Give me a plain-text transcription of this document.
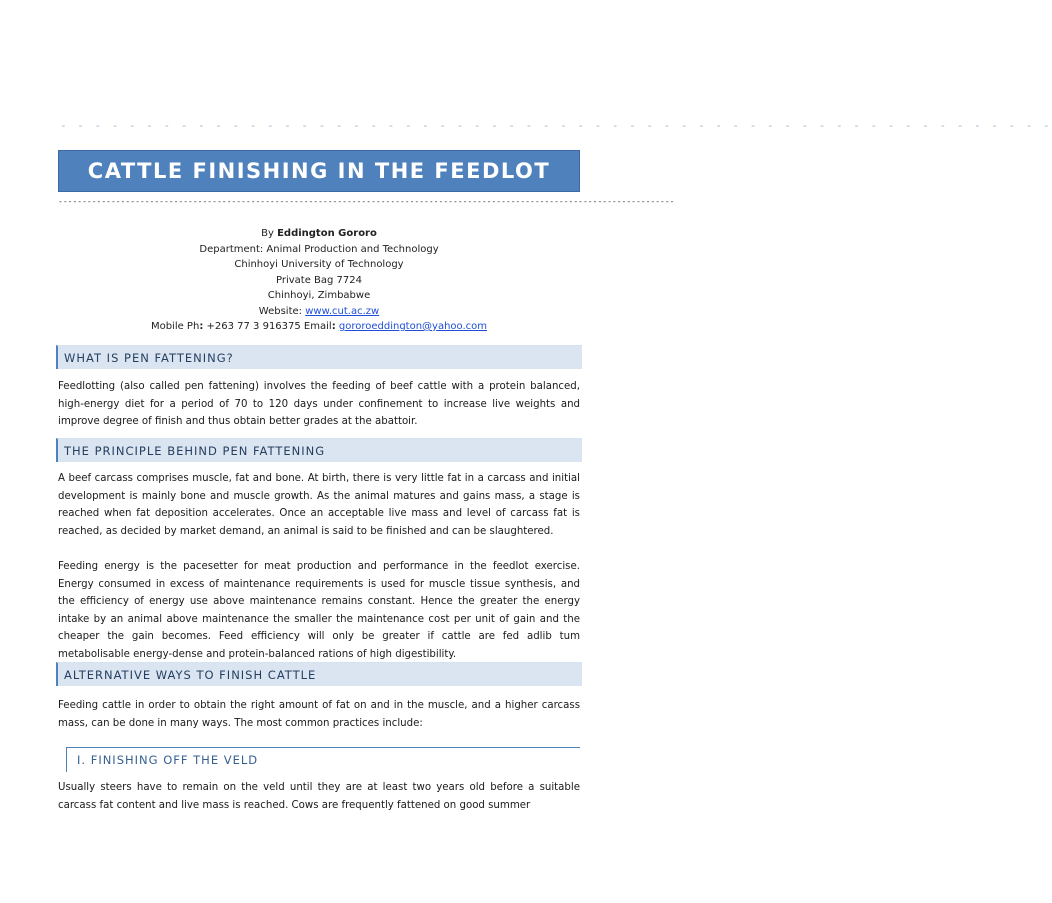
- - - - - - - - - - - - - - - - - - - - - - - - - - - - - - - - - - - - - - - - - - - - - - - - - - - - - - - - - -
CATTLE FINISHING IN THE FEEDLOT
--------------------------------------------------------------------------------------------------------------------------------
By Eddington Gororo
Department: Animal Production and Technology
Chinhoyi University of Technology
Private Bag 7724
Chinhoyi, Zimbabwe
Website: www.cut.ac.zw
Mobile Ph: +263 77 3 916375 Email: gororoeddington@yahoo.com
WHAT IS PEN FATTENING?
Feedlotting (also called pen fattening) involves the feeding of beef cattle with a protein balanced, high-energy diet for a period of 70 to 120 days under confinement to increase live weights and improve degree of finish and thus obtain better grades at the abattoir.
THE PRINCIPLE BEHIND PEN FATTENING
A beef carcass comprises muscle, fat and bone. At birth, there is very little fat in a carcass and initial development is mainly bone and muscle growth. As the animal matures and gains mass, a stage is reached when fat deposition accelerates. Once an acceptable live mass and level of carcass fat is reached, as decided by market demand, an animal is said to be finished and can be slaughtered.
Feeding energy is the pacesetter for meat production and performance in the feedlot exercise. Energy consumed in excess of maintenance requirements is used for muscle tissue synthesis, and the efficiency of energy use above maintenance remains constant. Hence the greater the energy intake by an animal above maintenance the smaller the maintenance cost per unit of gain and the cheaper the gain becomes. Feed efficiency will only be greater if cattle are fed adlib tum metabolisable energy-dense and protein-balanced rations of high digestibility.
ALTERNATIVE WAYS TO FINISH CATTLE
Feeding cattle in order to obtain the right amount of fat on and in the muscle, and a higher carcass mass, can be done in many ways. The most common practices include:
I. FINISHING OFF THE VELD
Usually steers have to remain on the veld until they are at least two years old before a suitable carcass fat content and live mass is reached. Cows are frequently fattened on good summer
